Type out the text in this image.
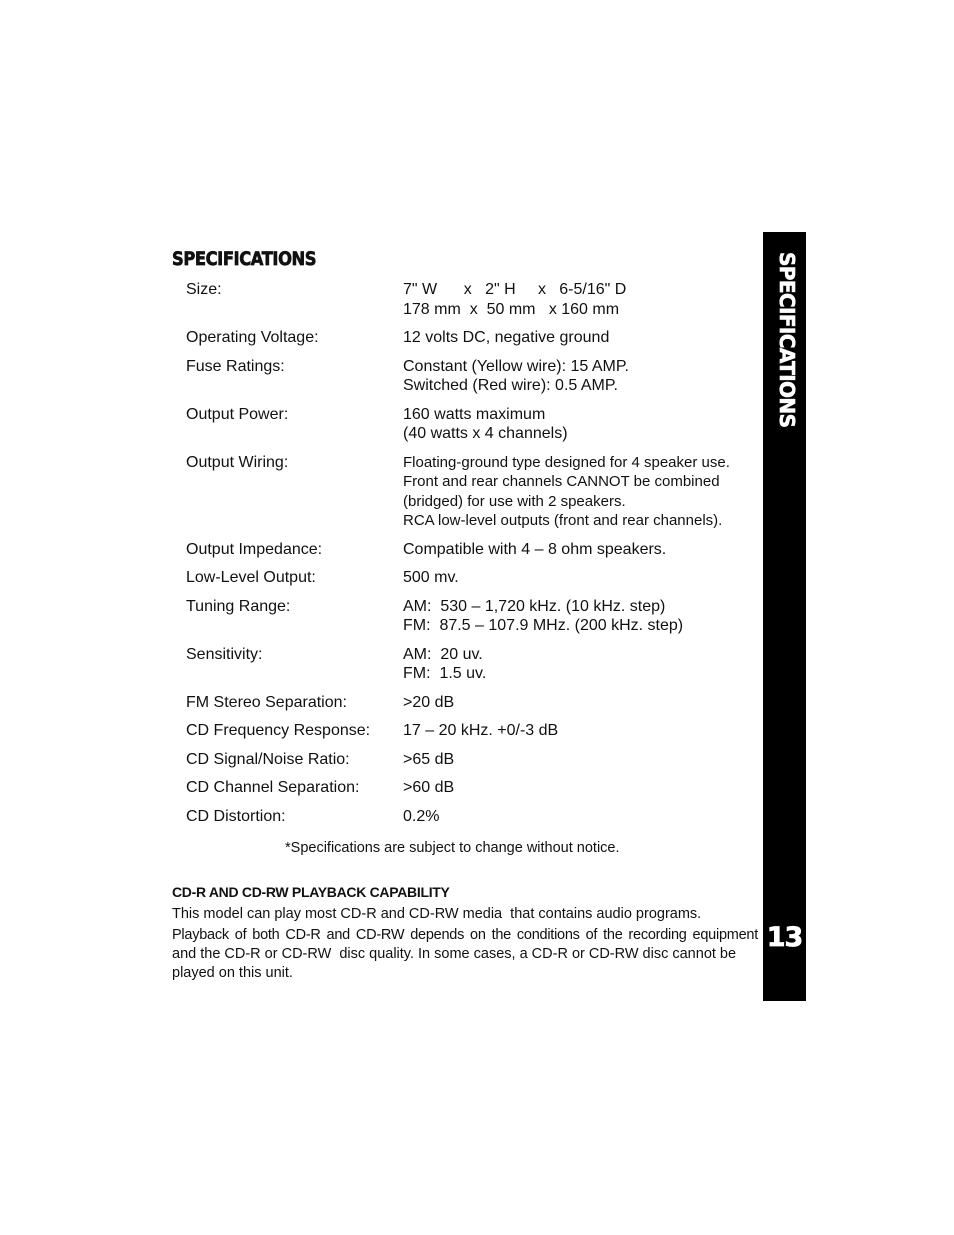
SPECIFICATIONS
Size:	7" W      x   2" H     x   6-5/16" D
178 mm  x  50 mm   x 160 mm
Operating Voltage:	12 volts DC, negative ground
Fuse Ratings:	Constant (Yellow wire): 15 AMP.
Switched (Red wire): 0.5 AMP.
Output Power:	160 watts maximum
(40 watts x 4 channels)
Output Wiring:	Floating-ground type designed for 4 speaker use.
Front and rear channels CANNOT be combined
(bridged) for use with 2 speakers.
RCA low-level outputs (front and rear channels).
Output Impedance:	Compatible with 4 – 8 ohm speakers.
Low-Level Output:	500 mv.
Tuning Range:	AM:  530 – 1,720 kHz. (10 kHz. step)
FM:  87.5 – 107.9 MHz. (200 kHz. step)
Sensitivity:	AM:  20 uv.
FM:  1.5 uv.
FM Stereo Separation:	>20 dB
CD Frequency Response:	17 – 20 kHz. +0/-3 dB
CD Signal/Noise Ratio:	>65 dB
CD Channel Separation:	>60 dB
CD Distortion:	0.2%
*Specifications are subject to change without notice.
CD-R AND CD-RW PLAYBACK CAPABILITY

This model can play most CD-R and CD-RW media  that contains audio programs.

Playback of both CD-R and CD-RW depends on the conditions of the recording equipment

and the CD-R or CD-RW  disc quality. In some cases, a CD-R or CD-RW disc cannot be

played on this unit.

SPECIFICATIONS
13
